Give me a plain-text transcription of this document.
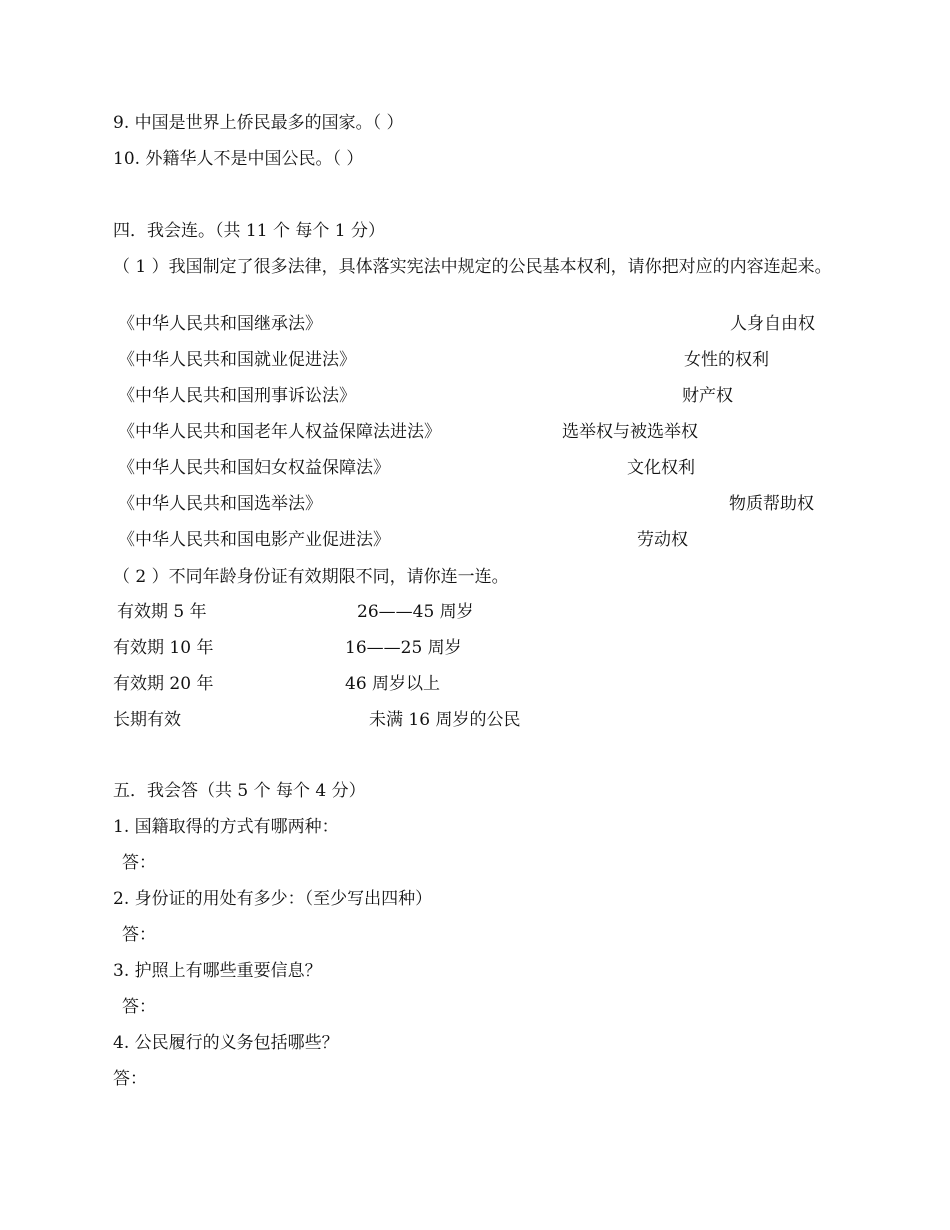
9. 中国是世界上侨民最多的国家。（ ）
10. 外籍华人不是中国公民。（ ）
四．我会连。（共 11 个 每个 1 分）
（ 1 ）我国制定了很多法律，具体落实宪法中规定的公民基本权利，请你把对应的内容连起来。
《中华人民共和国继承法》
《中华人民共和国就业促进法》
《中华人民共和国刑事诉讼法》
《中华人民共和国老年人权益保障法进法》
《中华人民共和国妇女权益保障法》
《中华人民共和国选举法》
《中华人民共和国电影产业促进法》
人身自由权
女性的权利
财产权
选举权与被选举权
文化权利
物质帮助权
劳动权
（ 2 ）不同年龄身份证有效期限不同，请你连一连。
有效期 5 年
有效期 10 年
有效期 20 年
长期有效
26——45 周岁
16——25 周岁
46 周岁以上
未满 16 周岁的公民
五．我会答（共 5 个 每个 4 分）
1. 国籍取得的方式有哪两种：
答：
2. 身份证的用处有多少：（至少写出四种）
答：
3. 护照上有哪些重要信息？
答：
4. 公民履行的义务包括哪些？
答：
